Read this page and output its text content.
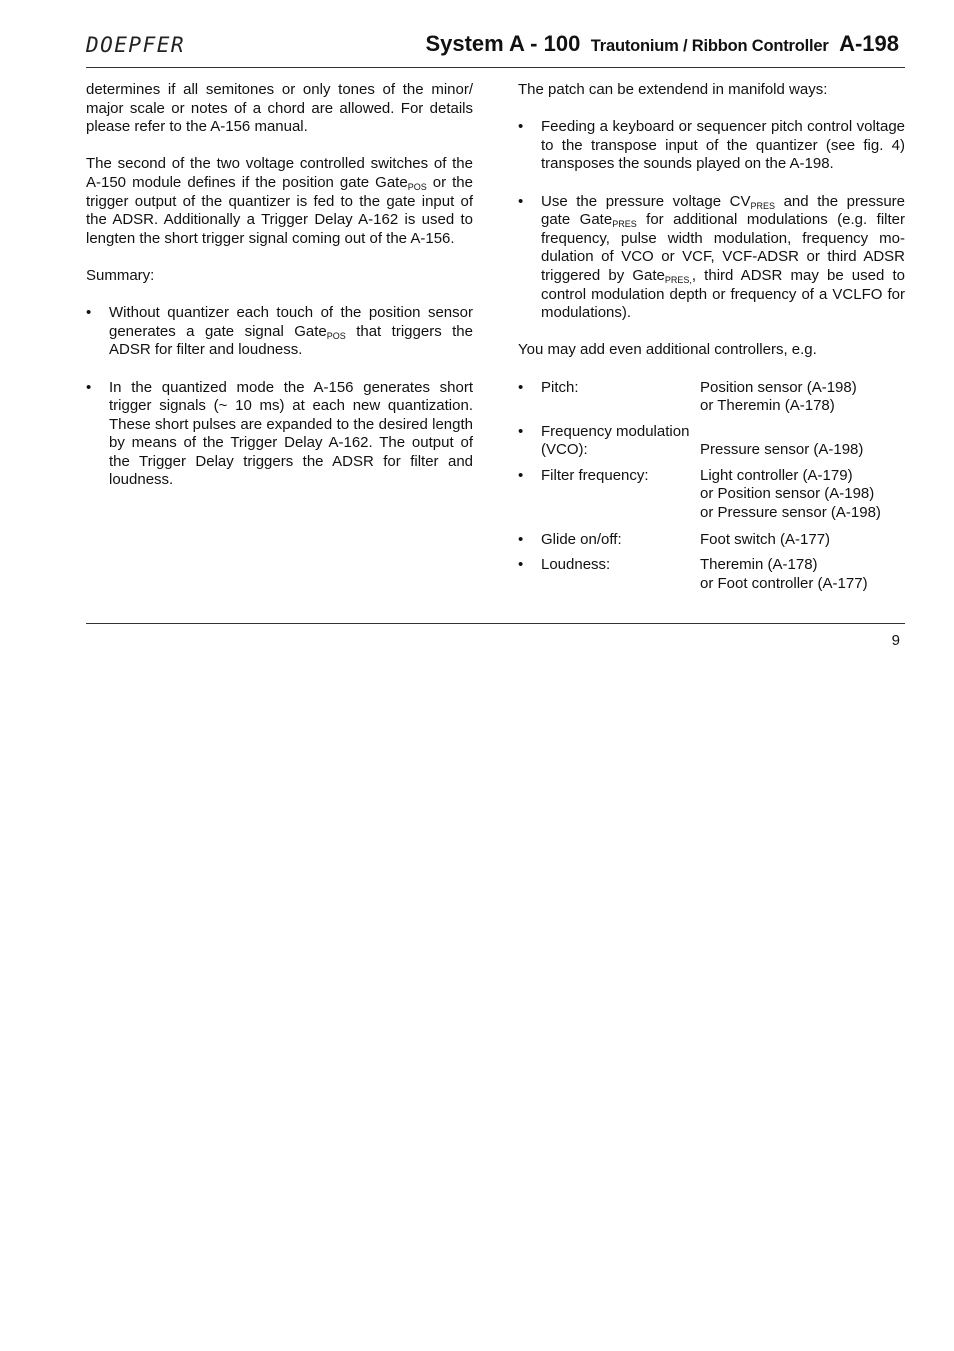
DOEPFER	System A - 100 Trautonium / Ribbon Controller A-198

determines if all semitones or only tones of the minor/ major scale or notes of a chord are allowed. For details please refer to the A-156 manual.

The second of the two voltage controlled switches of the A-150 module defines if the position gate Gate$_{POS}$ or the trigger output of the quantizer is fed to the gate input of the ADSR. Additionally a Trigger Delay A-162 is used to lengten the short trigger signal coming out of the A-156.

Summary:

• Without quantizer each touch of the position sensor generates a gate signal Gate$_{POS}$ that triggers the ADSR for filter and loudness.
• In the quantized mode the A-156 generates short trigger signals (~ 10 ms) at each new quantization. These short pulses are expanded to the desired length by means of the Trigger Delay A-162. The output of the Trigger Delay triggers the ADSR for filter and loudness.

The patch can be extendend in manifold ways:

• Feeding a keyboard or sequencer pitch control voltage to the transpose input of the quantizer (see fig. 4) transposes the sounds played on the A-198.
• Use the pressure voltage $CV_{PRES}$ and the pressure gate Gate$_{PRES}$ for additional modulations (e.g. filter frequency, pulse width modulation, frequency mo-dulation of VCO or VCF, VCF-ADSR or third ADSR triggered by Gate$_{PRES,}$, third ADSR may be used to control modulation depth or frequency of a VCLFO for modulations).

You may add even additional controllers, e.g.

• Pitch:	Position sensor (A-198)
or Theremin (A-178)
• Frequency modulation
(VCO):	Pressure sensor (A-198)
• Filter frequency:	Light controller (A-179)
or Position sensor (A-198)
or Pressure sensor (A-198)
• Glide on/off:	Foot switch (A-177)
• Loudness:	Theremin (A-178)
or Foot controller (A-177)
9
